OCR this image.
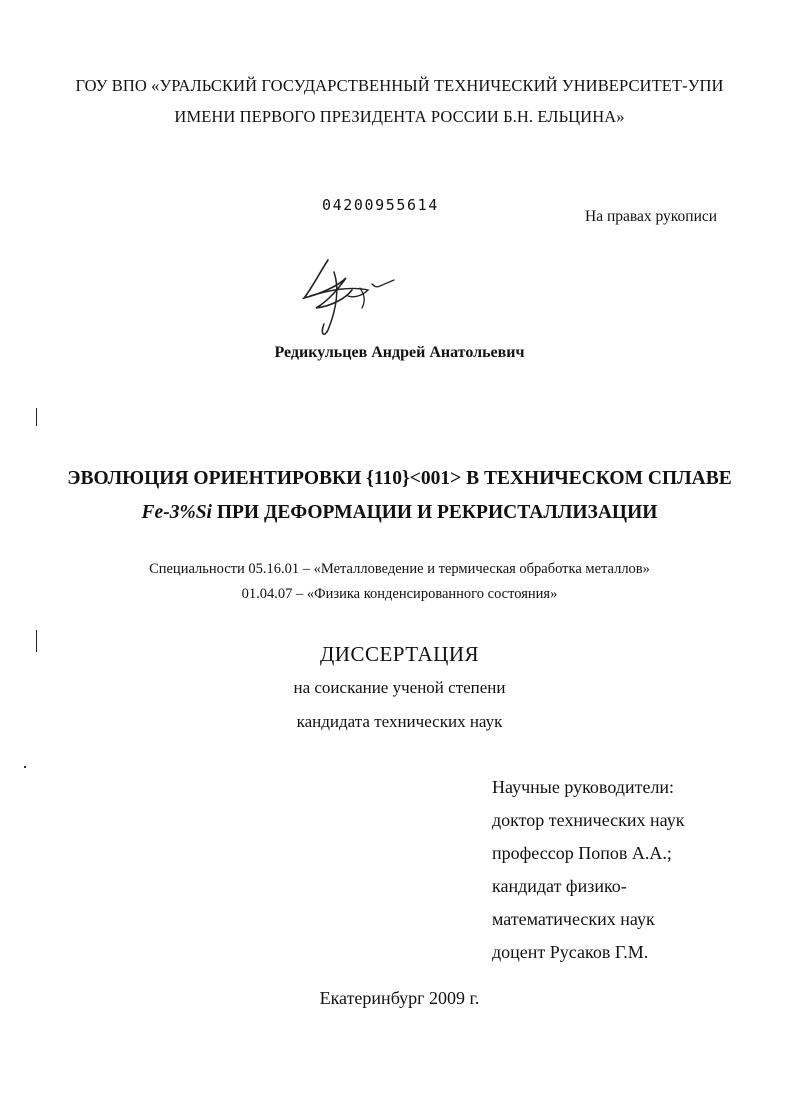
ГОУ ВПО «УРАЛЬСКИЙ ГОСУДАРСТВЕННЫЙ ТЕХНИЧЕСКИЙ УНИВЕРСИТЕТ-УПИ
ИМЕНИ ПЕРВОГО ПРЕЗИДЕНТА РОССИИ Б.Н. ЕЛЬЦИНА»
04200955614
На правах рукописи
Редикульцев Андрей Анатольевич
ЭВОЛЮЦИЯ ОРИЕНТИРОВКИ {110}<001> В ТЕХНИЧЕСКОМ СПЛАВЕ
Fe-3%Si ПРИ ДЕФОРМАЦИИ И РЕКРИСТАЛЛИЗАЦИИ
Специальности 05.16.01 – «Металловедение и термическая обработка металлов»
01.04.07 – «Физика конденсированного состояния»
ДИССЕРТАЦИЯ
на соискание ученой степени
кандидата технических наук
Научные руководители:
доктор технических наук
профессор Попов А.А.;
кандидат физико-
математических наук
доцент Русаков Г.М.
Екатеринбург 2009 г.
